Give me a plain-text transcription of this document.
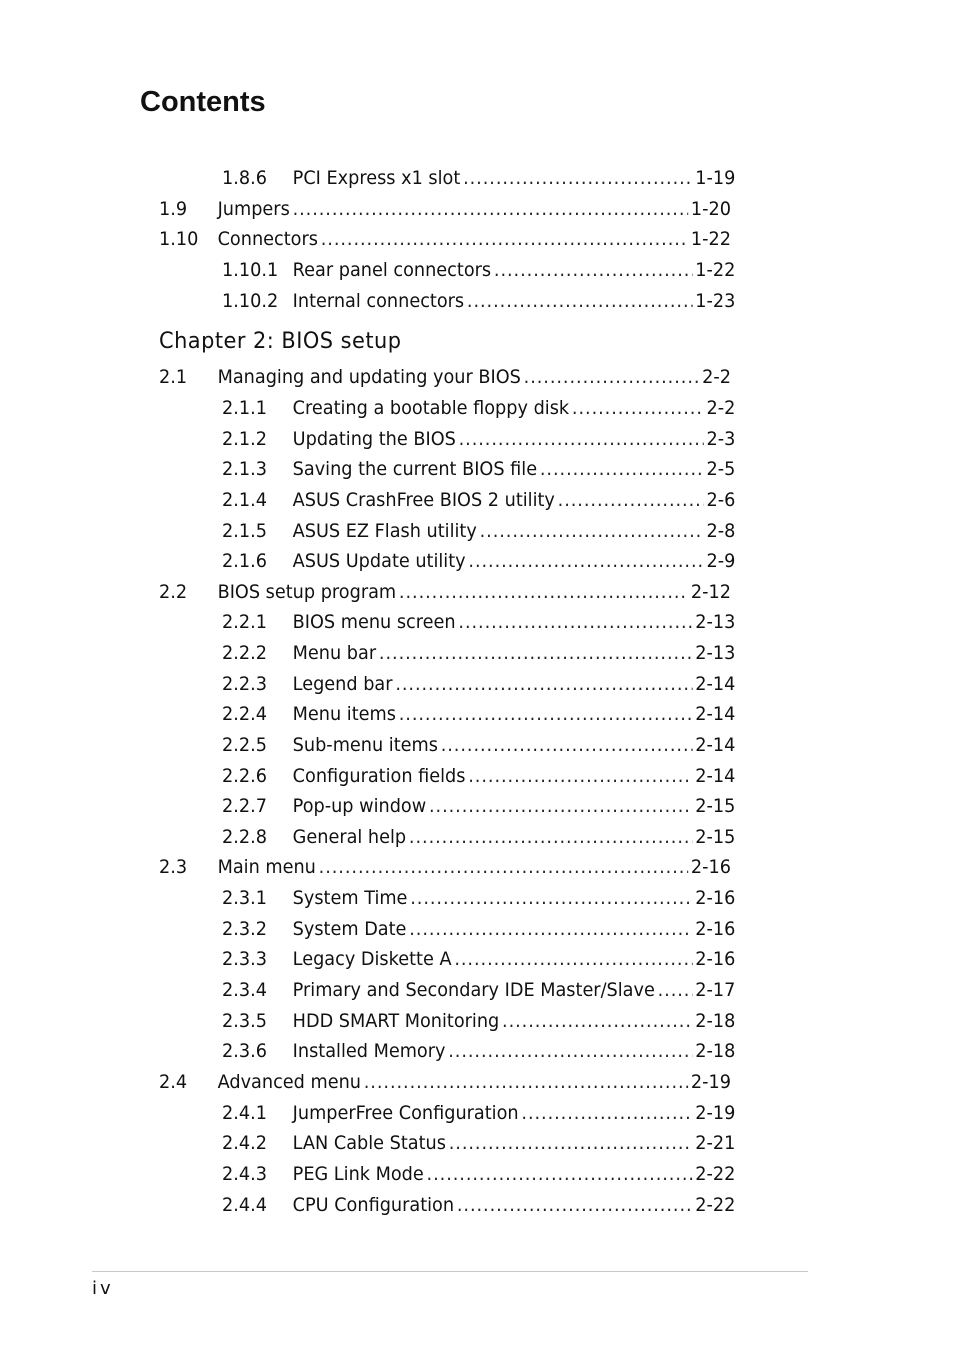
Contents
1.8.6	PCI Express x1 slot .....	1-19
1.9	Jumpers .....	1-20
1.10	Connectors .....	1-22
1.10.1 Rear panel connectors .....	1-22
1.10.2 Internal connectors .....	1-23
2.1	Managing and updating your BIOS .....	2-2
2.1.1	Creating a bootable floppy disk .....	2-2
2.1.2	Updating the BIOS .....	2-3
2.1.3	Saving the current BIOS file .....	2-5
2.1.4	ASUS CrashFree BIOS 2 utility .....	2-6
2.1.5	ASUS EZ Flash utility .....	2-8
2.1.6	ASUS Update utility .....	2-9
2.2	BIOS setup program .....	2-12
2.2.1	BIOS menu screen .....	2-13
2.2.2	Menu bar .....	2-13
2.2.3	Legend bar .....	2-14
2.2.4	Menu items .....	2-14
2.2.5	Sub-menu items .....	2-14
2.2.6	Configuration fields .....	2-14
2.2.7	Pop-up window .....	2-15
2.2.8	General help .....	2-15
2.3	Main menu .....	2-16
2.3.1	System Time .....	2-16
2.3.2	System Date .....	2-16
2.3.3	Legacy Diskette A .....	2-16
2.3.4	Primary and Secondary IDE Master/Slave ..... 2-17
2.3.5	HDD SMART Monitoring .....	2-18
2.3.6	Installed Memory .....	2-18
2.4	Advanced menu .....	2-19
2.4.1	JumperFree Configuration .....	2-19
2.4.2	LAN Cable Status .....	2-21
2.4.3	PEG Link Mode .....	2-22
2.4.4	CPU Configuration .....	2-22
Chapter 2: BIOS setup
iv
